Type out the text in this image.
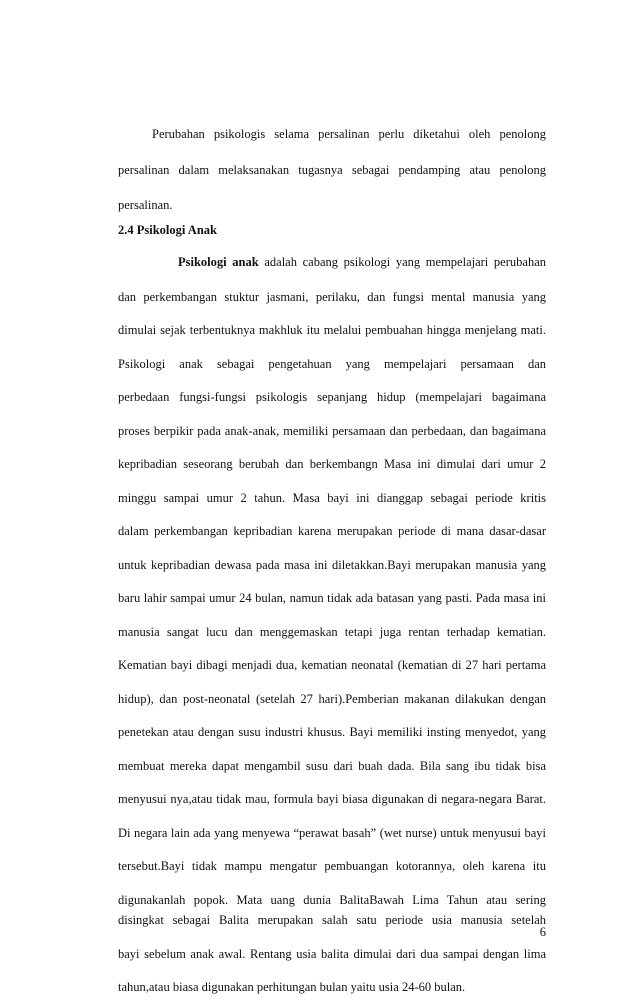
Perubahan psikologis selama persalinan perlu diketahui oleh penolong
persalinan dalam melaksanakan tugasnya sebagai pendamping atau penolong
persalinan.
2.4 Psikologi Anak
Psikologi anak adalah cabang psikologi yang mempelajari perubahan
dan perkembangan stuktur jasmani, perilaku, dan fungsi mental manusia yang
dimulai sejak terbentuknya makhluk itu melalui pembuahan hingga menjelang mati.
Psikologi anak sebagai pengetahuan yang mempelajari persamaan dan
perbedaan fungsi-fungsi psikologis sepanjang hidup (mempelajari bagaimana
proses berpikir pada anak-anak, memiliki persamaan dan perbedaan, dan bagaimana
kepribadian seseorang berubah dan berkembangn Masa ini dimulai dari umur 2
minggu sampai umur 2 tahun. Masa bayi ini dianggap sebagai periode kritis
dalam perkembangan kepribadian karena merupakan periode di mana dasar-dasar
untuk kepribadian dewasa pada masa ini diletakkan.Bayi merupakan manusia yang
baru lahir sampai umur 24 bulan, namun tidak ada batasan yang pasti. Pada masa ini
manusia sangat lucu dan menggemaskan tetapi juga rentan terhadap kematian.
Kematian bayi dibagi menjadi dua, kematian neonatal (kematian di 27 hari pertama
hidup), dan post-neonatal (setelah 27 hari).Pemberian makanan dilakukan dengan
penetekan atau dengan susu industri khusus. Bayi memiliki insting menyedot, yang
membuat mereka dapat mengambil susu dari buah dada. Bila sang ibu tidak bisa
menyusui nya,atau tidak mau, formula bayi biasa digunakan di negara-negara Barat.
Di negara lain ada yang menyewa “perawat basah” (wet nurse) untuk menyusui bayi
tersebut.Bayi tidak mampu mengatur pembuangan kotorannya, oleh karena itu
digunakanlah popok. Mata uang dunia BalitaBawah Lima Tahun atau sering
disingkat sebagai Balita merupakan salah satu periode usia manusia setelah
bayi sebelum anak awal. Rentang usia balita dimulai dari dua sampai dengan lima
tahun,atau biasa digunakan perhitungan bulan yaitu usia 24-60 bulan.
6
